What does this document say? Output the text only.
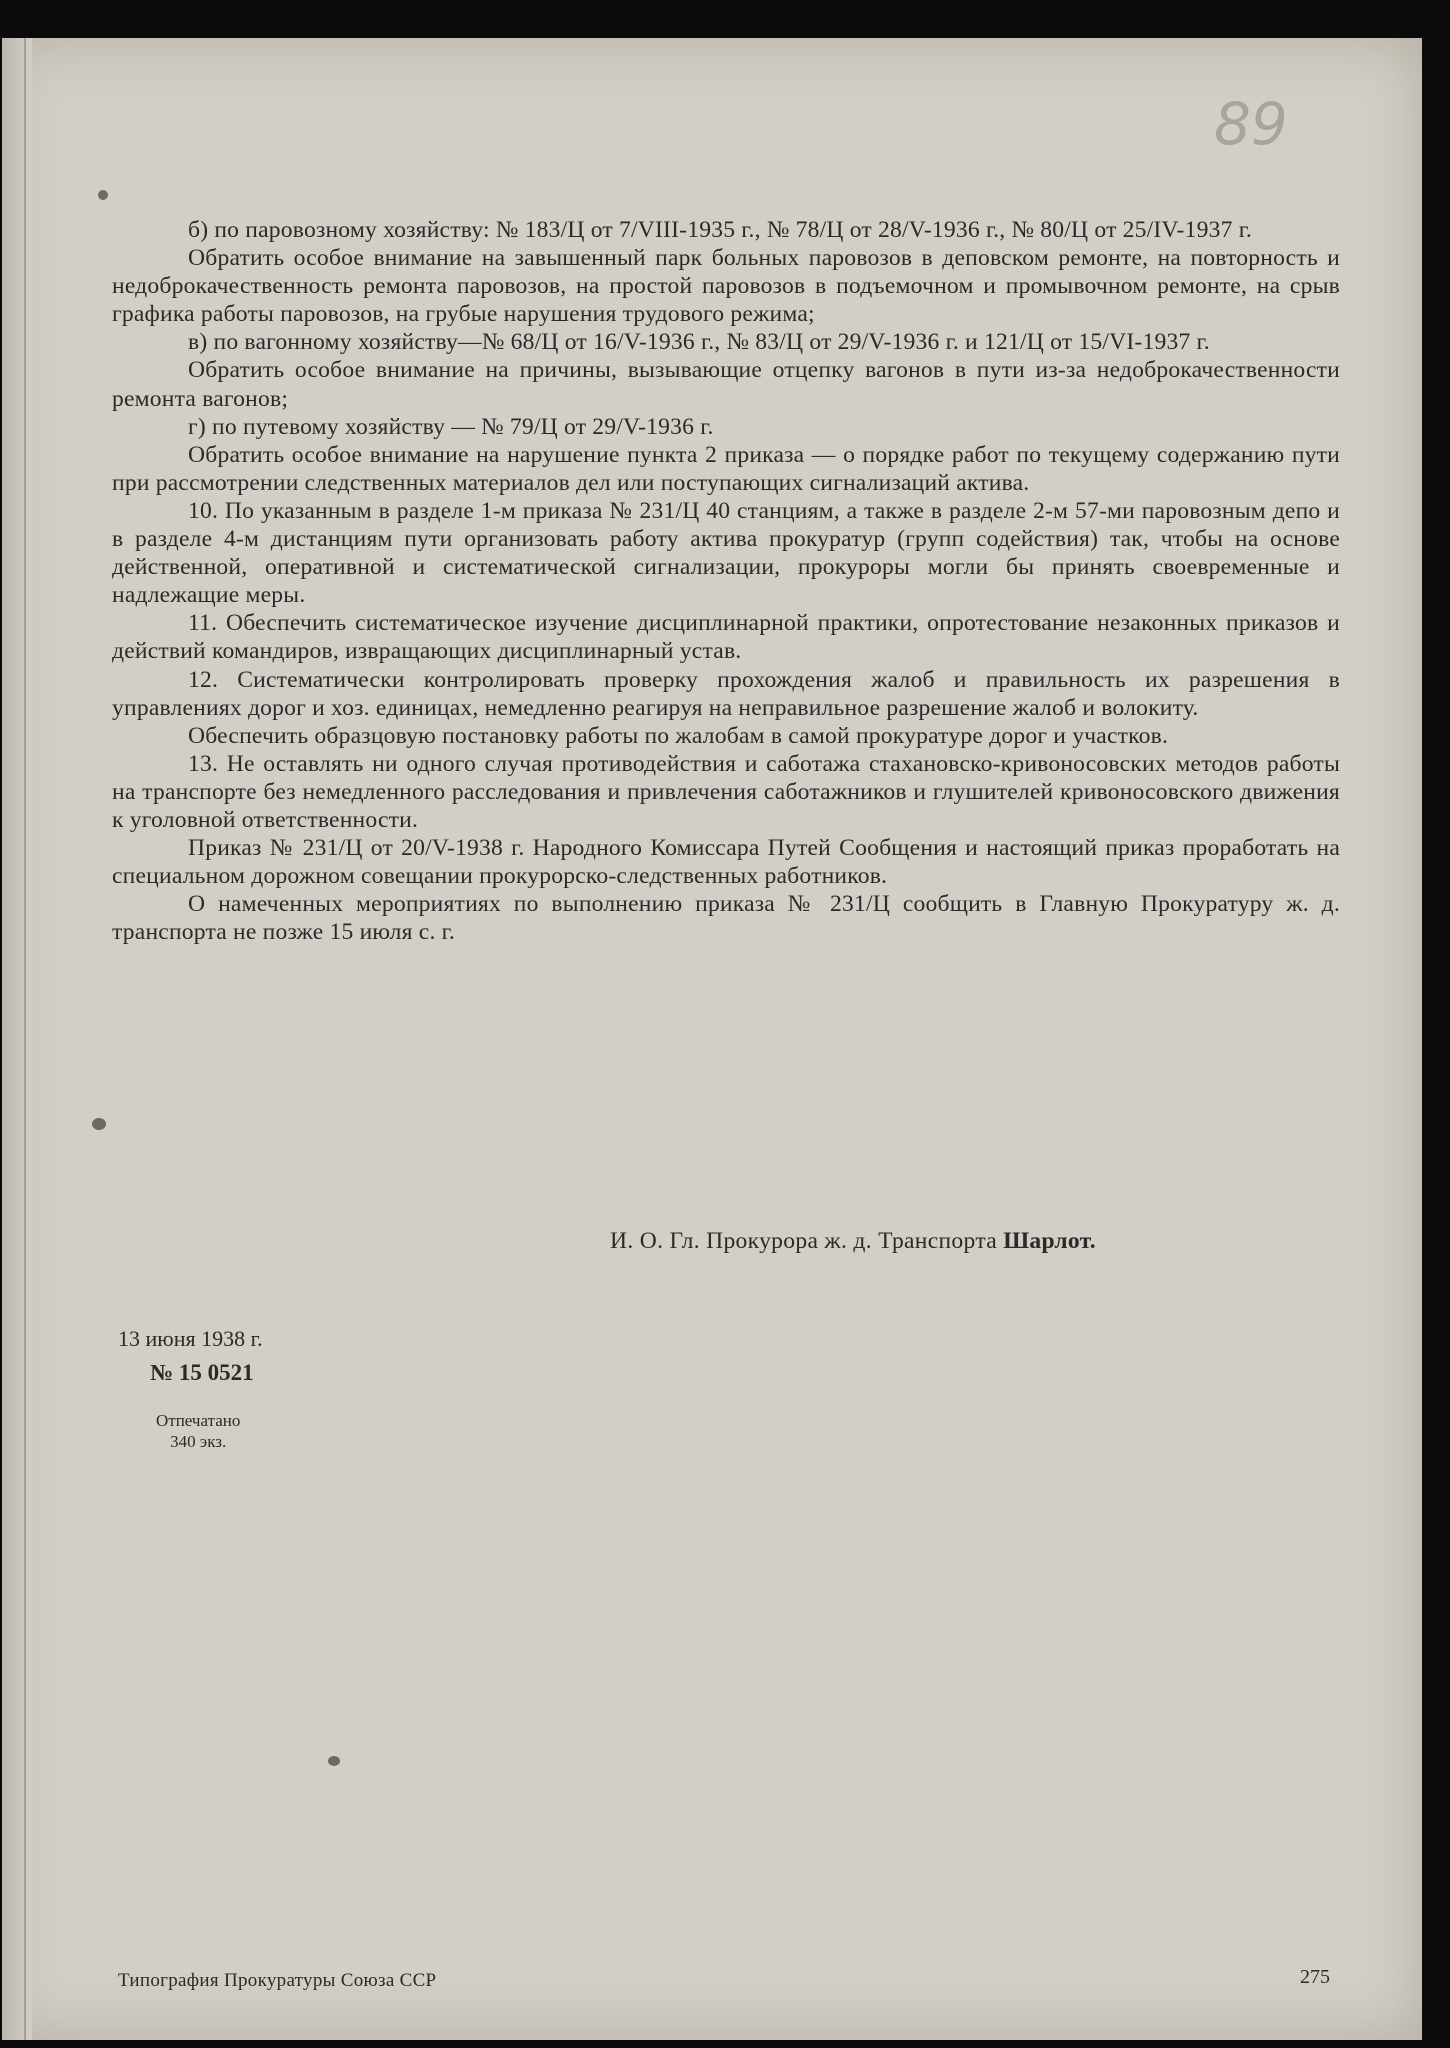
89

б) по паровозному хозяйству: № 183/Ц от 7/VIII-1935 г., № 78/Ц от 28/V-1936 г., № 80/Ц от 25/IV-1937 г.

Обратить особое внимание на завышенный парк больных паровозов в деповском ремонте, на повторность и недоброкачественность ремонта паровозов, на простой паровозов в подъемочном и промывочном ремонте, на срыв графика работы паровозов, на грубые нарушения трудового режима;

в) по вагонному хозяйству—№ 68/Ц от 16/V-1936 г., № 83/Ц от 29/V-1936 г. и 121/Ц от 15/VI-1937 г.

Обратить особое внимание на причины, вызывающие отцепку вагонов в пути из-за недоброкачественности ремонта вагонов;

г) по путевому хозяйству — № 79/Ц от 29/V-1936 г.

Обратить особое внимание на нарушение пункта 2 приказа — о порядке работ по текущему содержанию пути при рассмотрении следственных материалов дел или поступающих сигнализаций актива.

10. По указанным в разделе 1-м приказа № 231/Ц 40 станциям, а также в разделе 2-м 57-ми паровозным депо и в разделе 4-м дистанциям пути организовать работу актива прокуратур (групп содействия) так, чтобы на основе действенной, оперативной и систематической сигнализации, прокуроры могли бы принять своевременные и надлежащие меры.

11. Обеспечить систематическое изучение дисциплинарной практики, опротестование незаконных приказов и действий командиров, извращающих дисциплинарный устав.

12. Систематически контролировать проверку прохождения жалоб и правильность их разрешения в управлениях дорог и хоз. единицах, немедленно реагируя на неправильное разрешение жалоб и волокиту.

Обеспечить образцовую постановку работы по жалобам в самой прокуратуре дорог и участков.

13. Не оставлять ни одного случая противодействия и саботажа стахановско-кривоносовских методов работы на транспорте без немедленного расследования и привлечения саботажников и глушителей кривоносовского движения к уголовной ответственности.

Приказ № 231/Ц от 20/V-1938 г. Народного Комиссара Путей Сообщения и настоящий приказ проработать на специальном дорожном совещании прокурорско-следственных работников.

О намеченных мероприятиях по выполнению приказа № 231/Ц сообщить в Главную Прокуратуру ж. д. транспорта не позже 15 июля с. г.

И. О. Гл. Прокурора ж. д. Транспорта Шарлот.
13 июня 1938 г.
№ 15 0521
Отпечатано
340 экз.
Типография Прокуратуры Союза ССР	275
